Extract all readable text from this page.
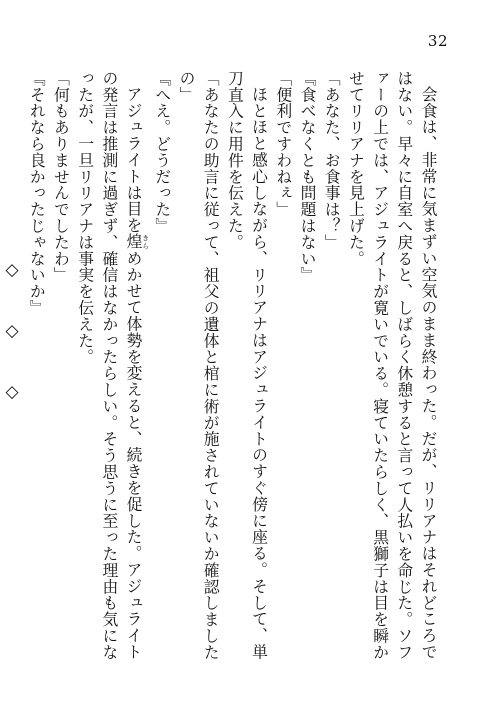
32

会食は、非常に気まずい空気のまま終わった。だが、リリアナはそれどころではない。早々に自室へ戻ると、しばらく休憩すると言って人払いを命じた。ソファーの上では、アジュライトが寛いでいる。寝ていたらしく、黒獅子は目を瞬かせてリリアナを見上げた。

「あなた、お食事は？」

『食べなくとも問題はない』

「便利ですわねぇ」

ほとほと感心しながら、リリアナはアジュライトのすぐ傍に座る。そして、単刀直入に用件を伝えた。

「あなたの助言に従って、祖父の遺体と棺に術が施されていないか確認しましたの」

『へえ。どうだった』

アジュライトは目を煌きらめかせて体勢を変えると、続きを促した。アジュライトの発言は推測に過ぎず、確信はなかったらしい。そう思うに至った理由も気になったが、一旦リリアナは事実を伝えた。

「何もありませんでしたわ」

『それなら良かったじゃないか』

◇　◇　◇
